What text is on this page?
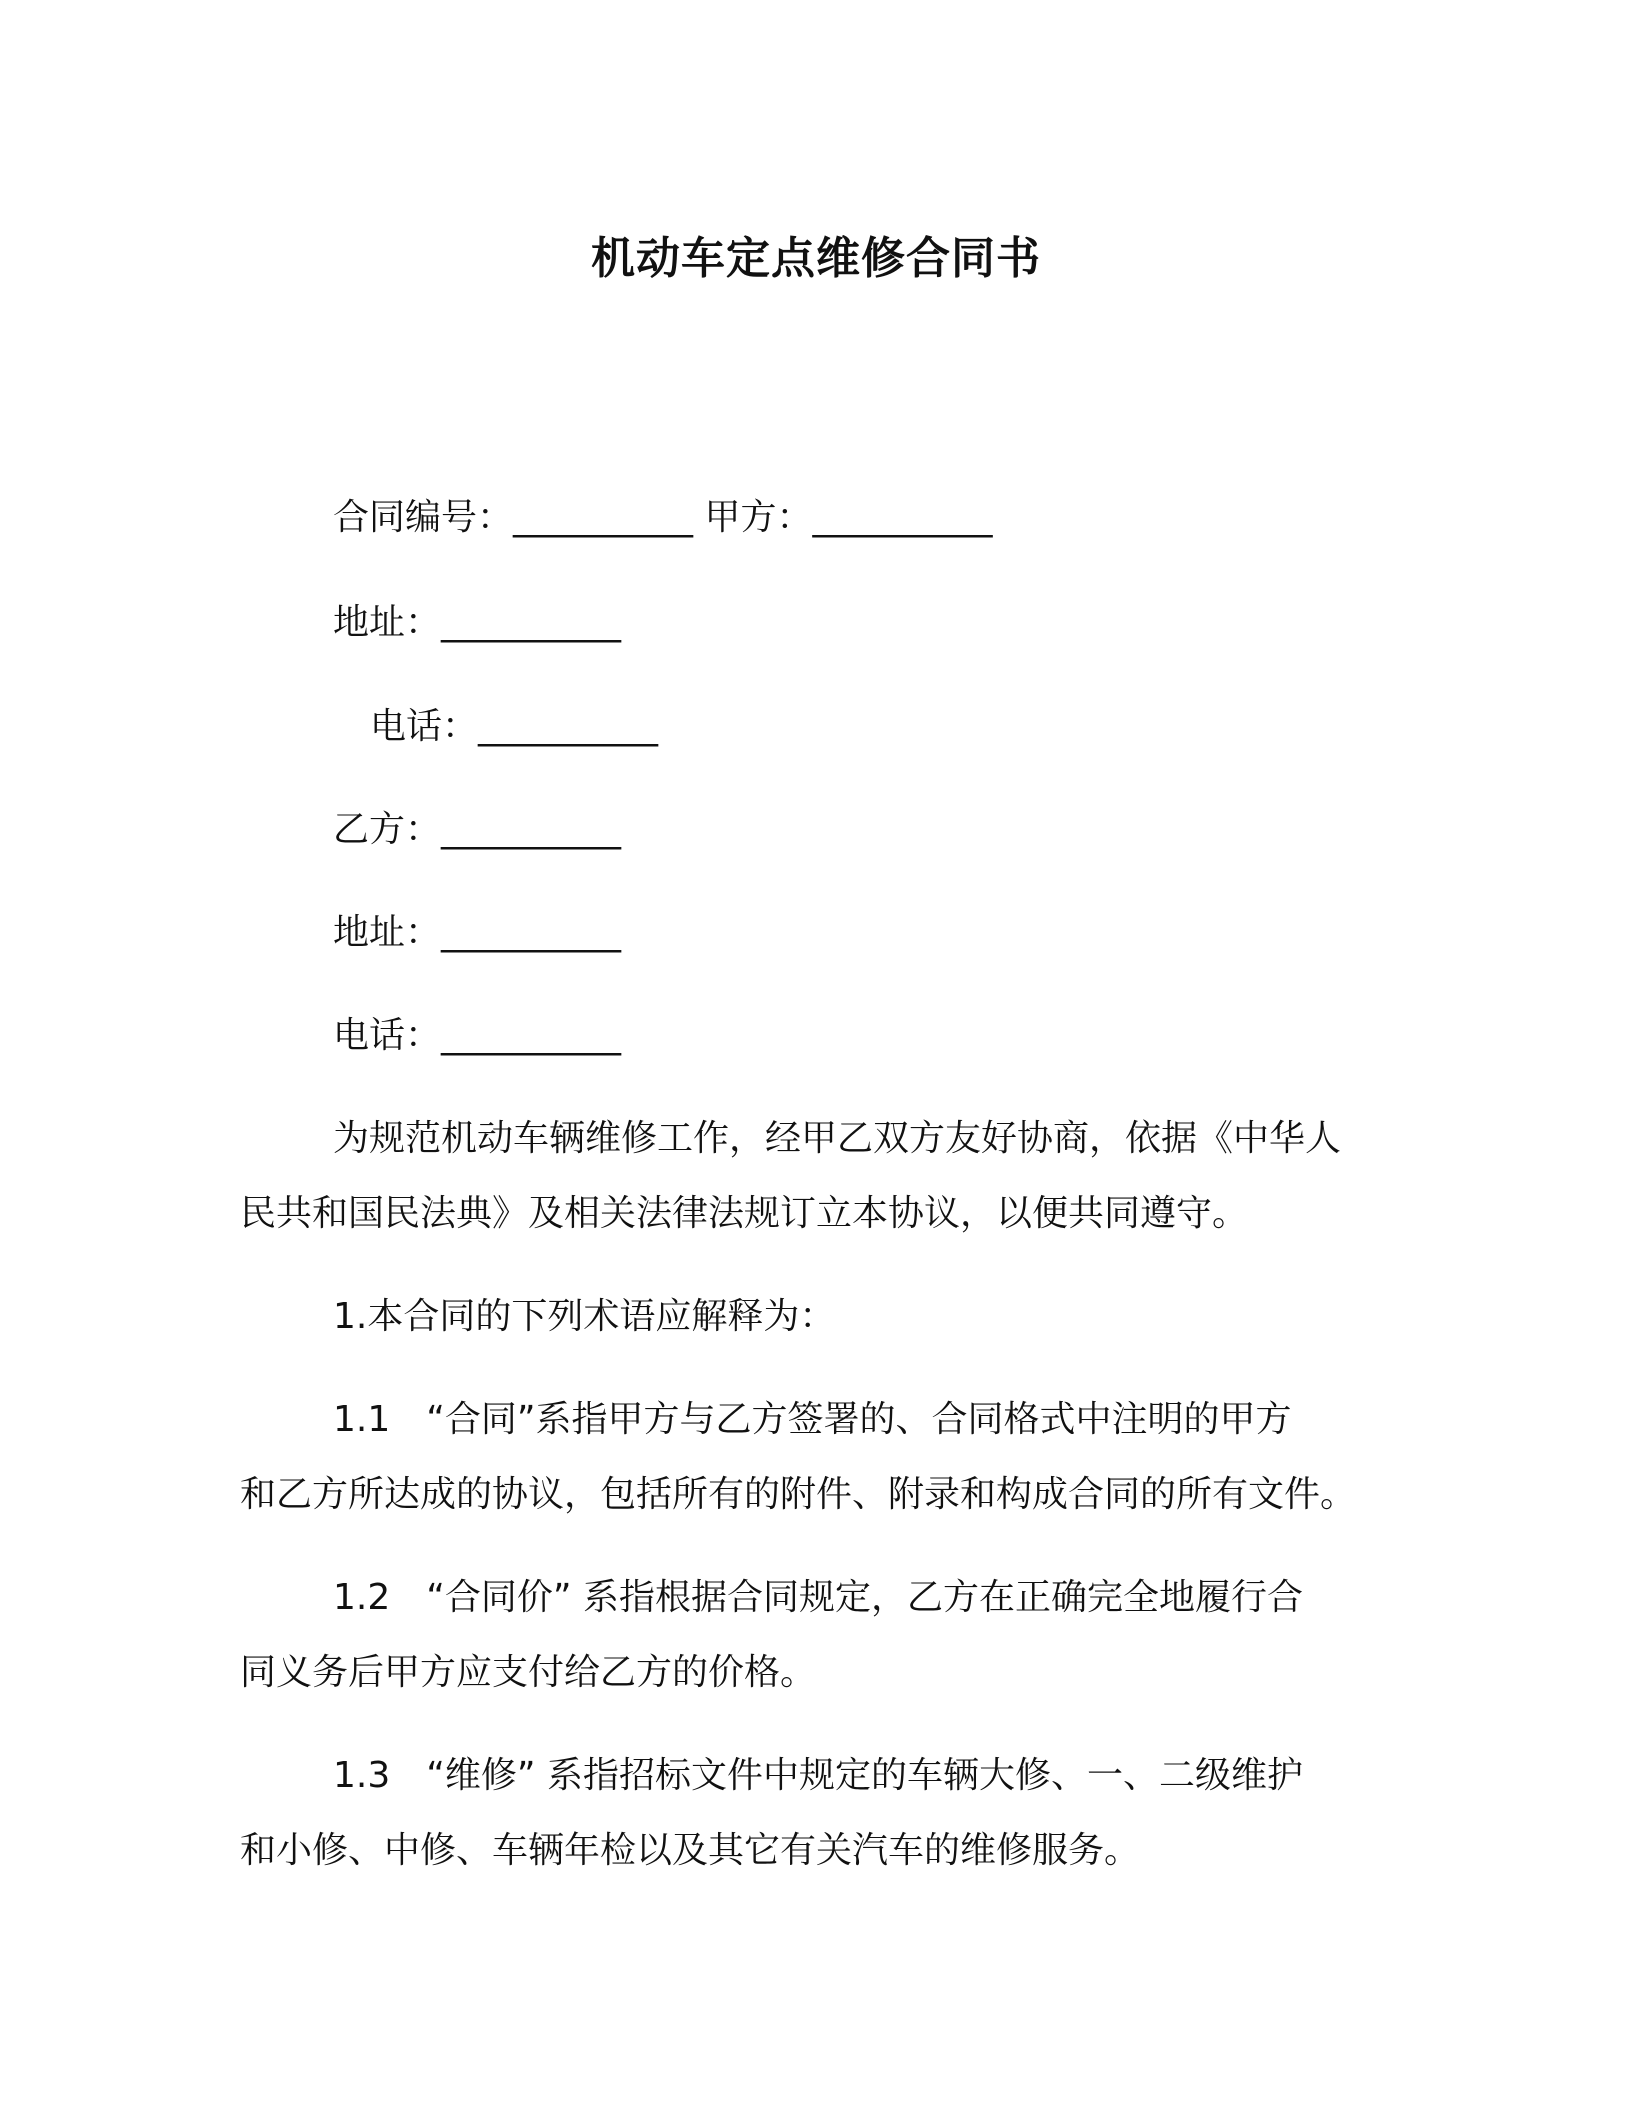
机动车定点维修合同书
合同编号：__________ 甲方：__________
地址：__________
电话：__________
乙方：__________
地址：__________
电话：__________
为规范机动车辆维修工作，经甲乙双方友好协商，依据《中华人
民共和国民法典》及相关法律法规订立本协议，以便共同遵守。
1.本合同的下列术语应解释为：
1.1　“合同”系指甲方与乙方签署的、合同格式中注明的甲方
和乙方所达成的协议，包括所有的附件、附录和构成合同的所有文件。
1.2　“合同价” 系指根据合同规定，乙方在正确完全地履行合
同义务后甲方应支付给乙方的价格。
1.3　“维修” 系指招标文件中规定的车辆大修、一、二级维护
和小修、中修、车辆年检以及其它有关汽车的维修服务。
